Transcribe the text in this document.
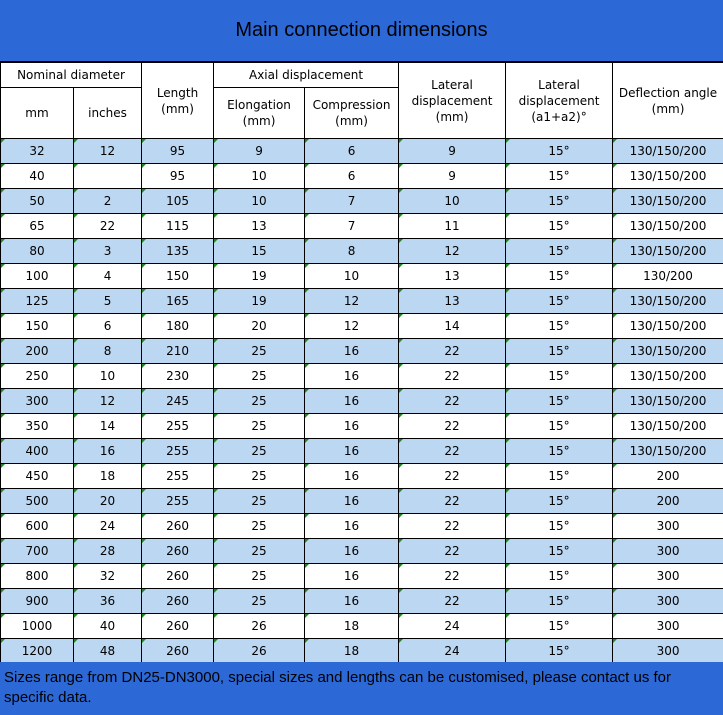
Main connection dimensions
Nominal diameter		Length (mm)	Axial displacement		Lateral displacement (mm)	Lateral displacement (a1+a2)°	Deflection angle (mm)
mm	inches		Elongation (mm)	Compression (mm)			
32	12	95	9	6	9	15°	130/150/200
40		95	10	6	9	15°	130/150/200
50	2	105	10	7	10	15°	130/150/200
65	22	115	13	7	11	15°	130/150/200
80	3	135	15	8	12	15°	130/150/200
100	4	150	19	10	13	15°	130/200
125	5	165	19	12	13	15°	130/150/200
150	6	180	20	12	14	15°	130/150/200
200	8	210	25	16	22	15°	130/150/200
250	10	230	25	16	22	15°	130/150/200
300	12	245	25	16	22	15°	130/150/200
350	14	255	25	16	22	15°	130/150/200
400	16	255	25	16	22	15°	130/150/200
450	18	255	25	16	22	15°	200
500	20	255	25	16	22	15°	200
600	24	260	25	16	22	15°	300
700	28	260	25	16	22	15°	300
800	32	260	25	16	22	15°	300
900	36	260	25	16	22	15°	300
1000	40	260	26	18	24	15°	300
1200	48	260	26	18	24	15°	300
Sizes range from DN25-DN3000, special sizes and lengths can be customised, please contact us for specific data.
